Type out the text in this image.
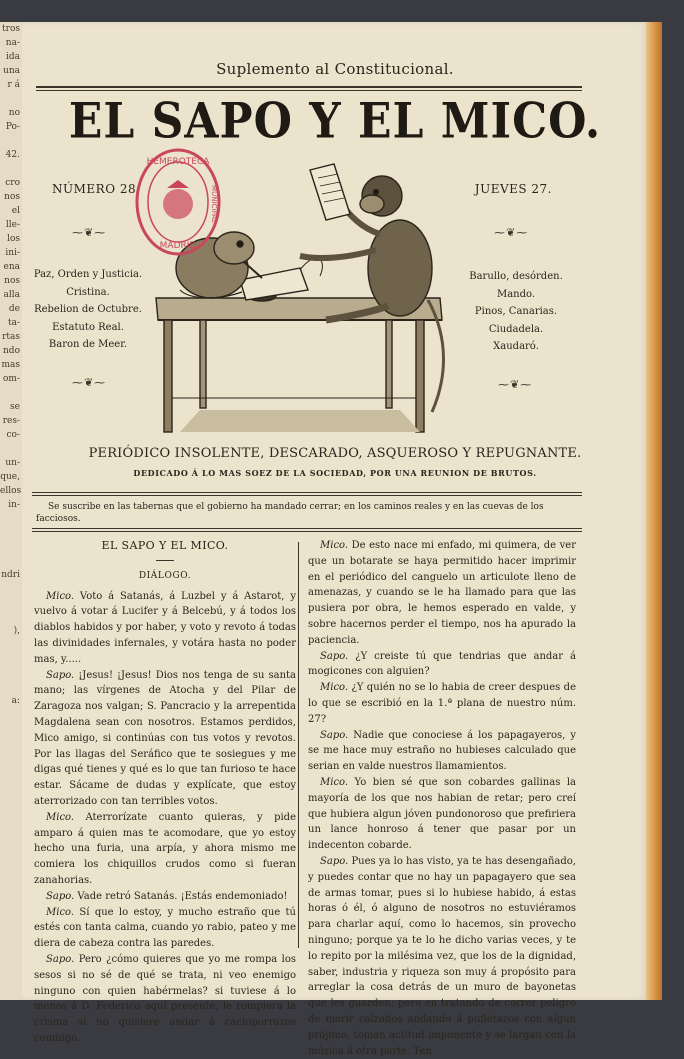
tros
na-
ida
una
r á

no
Po-

42.

cro
nos
el
lle-
los
ini-
ena
nos
alla
de
ta-
rtas
ndo
mas
om-

se
res-
co-

un-
que,
ellos
in-

ndri

),

a:

Suplemento al Constitucional.
EL SAPO Y EL MICO.
NÚMERO 28.	JUEVES 27.
⁓❦⁓	⁓❦⁓
⁓❦⁓	⁓❦⁓
Paz, Orden y Justicia.
Cristina.
Rebelion de Octubre.
Estatuto Real.
Baron de Meer.
Barullo, desórden.
Mando.
Pinos, Canarias.
Ciudadela.
Xaudaró.
HEMEROTECA
MUNICIPAL
MADRID
PERIÓDICO INSOLENTE, DESCARADO, ASQUEROSO Y REPUGNANTE.
DEDICADO Á LO MAS SOEZ DE LA SOCIEDAD, POR UNA REUNION DE BRUTOS.
Se suscribe en las tabernas que el gobierno ha mandado cerrar; en los caminos reales y en las cuevas de los facciosos.

EL SAPO Y EL MICO.

DIÁLOGO.

Mico. Voto á Satanás, á Luzbel y á Astarot, y vuelvo á votar á Lucifer y á Belcebú, y á todos los diablos habidos y por haber, y voto y revoto á todas las divinidades infernales, y votára hasta no poder mas, y.....

Sapo. ¡Jesus! ¡Jesus! Dios nos tenga de su santa mano; las vírgenes de Atocha y del Pilar de Zaragoza nos valgan; S. Pancracio y la arrepentida Magdalena sean con nosotros. Estamos perdidos, Mico amigo, si continúas con tus votos y revotos. Por las llagas del Seráfico que te sosiegues y me digas qué tienes y qué es lo que tan furioso te hace estar. Sácame de dudas y explícate, que estoy aterrorizado con tan terribles votos.

Mico. Aterrorízate cuanto quieras, y pide amparo á quien mas te acomodare, que yo estoy hecho una furia, una arpía, y ahora mismo me comiera los chiquillos crudos como si fueran zanahorias.

Sapo. Vade retró Satanás. ¡Estás endemoniado!

Mico. Sí que lo estoy, y mucho estraño que tú estés con tanta calma, cuando yo rabio, pateo y me diera de cabeza contra las paredes.

Sapo. Pero ¿cómo quieres que yo me rompa los sesos si no sé de qué se trata, ni veo enemigo ninguno con quien habérmelas? si tuviese á lo menos á D. Federico aquí presente, le rompiera la crisma si no quisiere andar á cachiporrazos conmigo.

Mico. De esto nace mi enfado, mi quimera, de ver que un botarate se haya permitido hacer imprimir en el periódico del canguelo un articulote lleno de amenazas, y cuando se le ha llamado para que las pusiera por obra, le hemos esperado en valde, y sobre hacernos perder el tiempo, nos ha apurado la paciencia.

Sapo. ¿Y creiste tú que tendrias que andar á mogicones con alguien?

Mico. ¿Y quién no se lo habia de creer despues de lo que se escribió en la 1.ª plana de nuestro núm. 27?

Sapo. Nadie que conociese á los papagayeros, y se me hace muy estraño no hubieses calculado que serian en valde nuestros llamamientos.

Mico. Yo bien sé que son cobardes gallinas la mayoría de los que nos habian de retar; pero creí que hubiera algun jóven pundonoroso que prefiriera un lance honroso á tener que pasar por un indecenton cobarde.

Sapo. Pues ya lo has visto, ya te has desengañado, y puedes contar que no hay un papagayero que sea de armas tomar, pues si lo hubiese habido, á estas horas ó él, ó alguno de nosotros no estuviéramos para charlar aquí, como lo hacemos, sin provecho ninguno; porque ya te lo he dicho varias veces, y te lo repito por la milésima vez, que los de la dignidad, saber, industria y riqueza son muy á propósito para arreglar la cosa detrás de un muro de bayonetas que les guarden; pero en tratando de correr peligro de morir calzados andando á puñetazos con algun prójimo, toman actitud imponente y se largan con la música á otra parte. Ten
